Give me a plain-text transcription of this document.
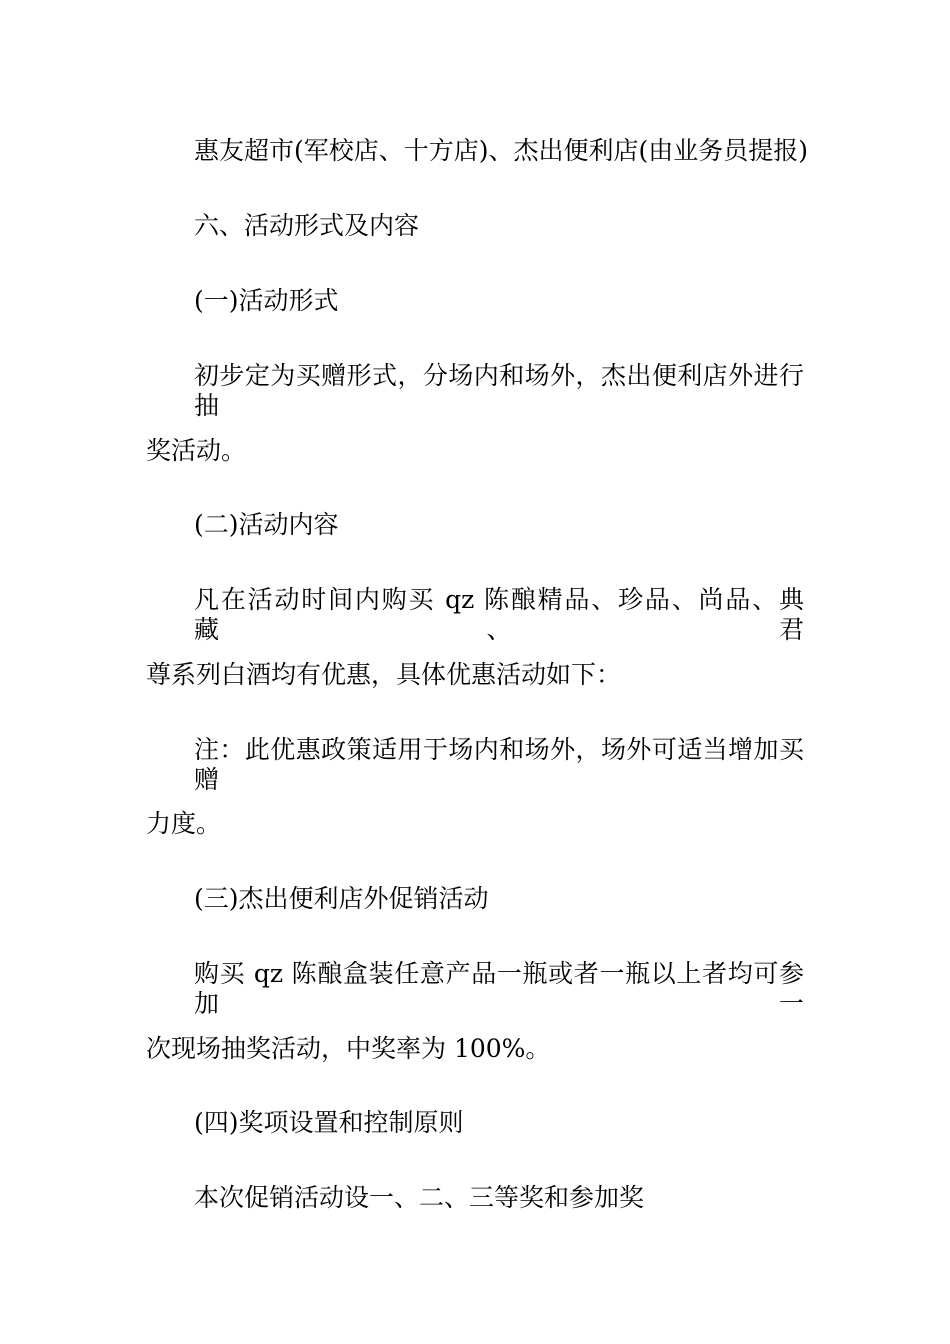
惠友超市(军校店、十方店)、杰出便利店(由业务员提报)
六、活动形式及内容
(一)活动形式
初步定为买赠形式，分场内和场外，杰出便利店外进行抽
奖活动。
(二)活动内容
凡在活动时间内购买 qz 陈酿精品、珍品、尚品、典藏、君
尊系列白酒均有优惠，具体优惠活动如下：
注：此优惠政策适用于场内和场外，场外可适当增加买赠
力度。
(三)杰出便利店外促销活动
购买 qz 陈酿盒装任意产品一瓶或者一瓶以上者均可参加一
次现场抽奖活动，中奖率为 100%。
(四)奖项设置和控制原则
本次促销活动设一、二、三等奖和参加奖
